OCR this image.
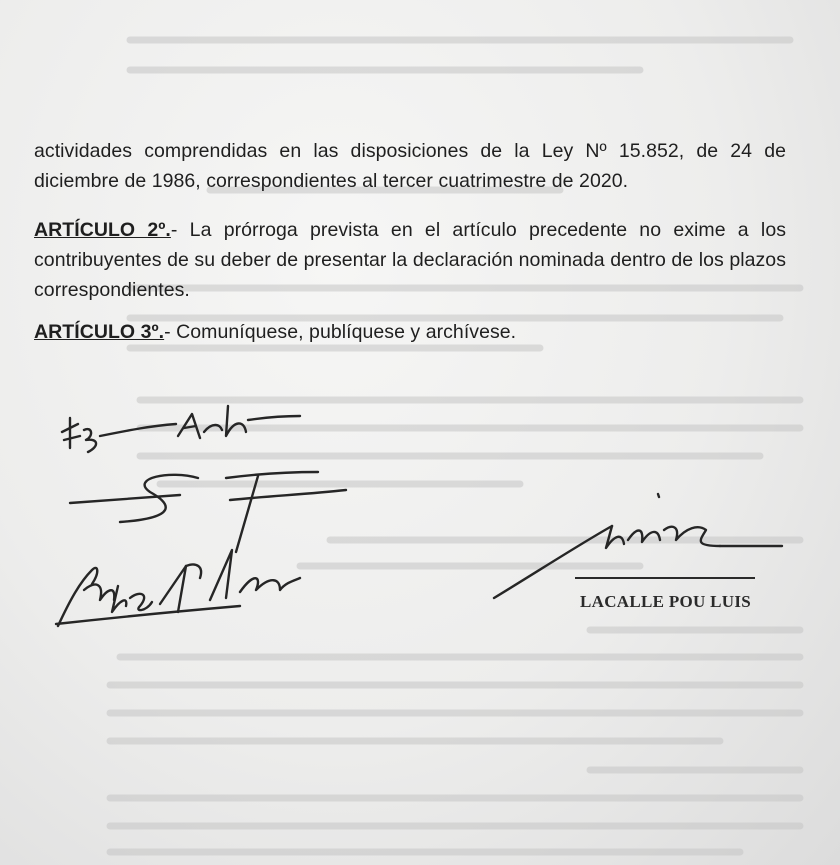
actividades comprendidas en las disposiciones de la Ley Nº 15.852, de 24 de diciembre de 1986, correspondientes al tercer cuatrimestre de 2020.

ARTÍCULO 2º.- La prórroga prevista en el artículo precedente no exime a los contribuyentes de su deber de presentar la declaración nominada dentro de los plazos correspondientes.

ARTÍCULO 3º.- Comuníquese, publíquese y archívese.

LACALLE POU LUIS
